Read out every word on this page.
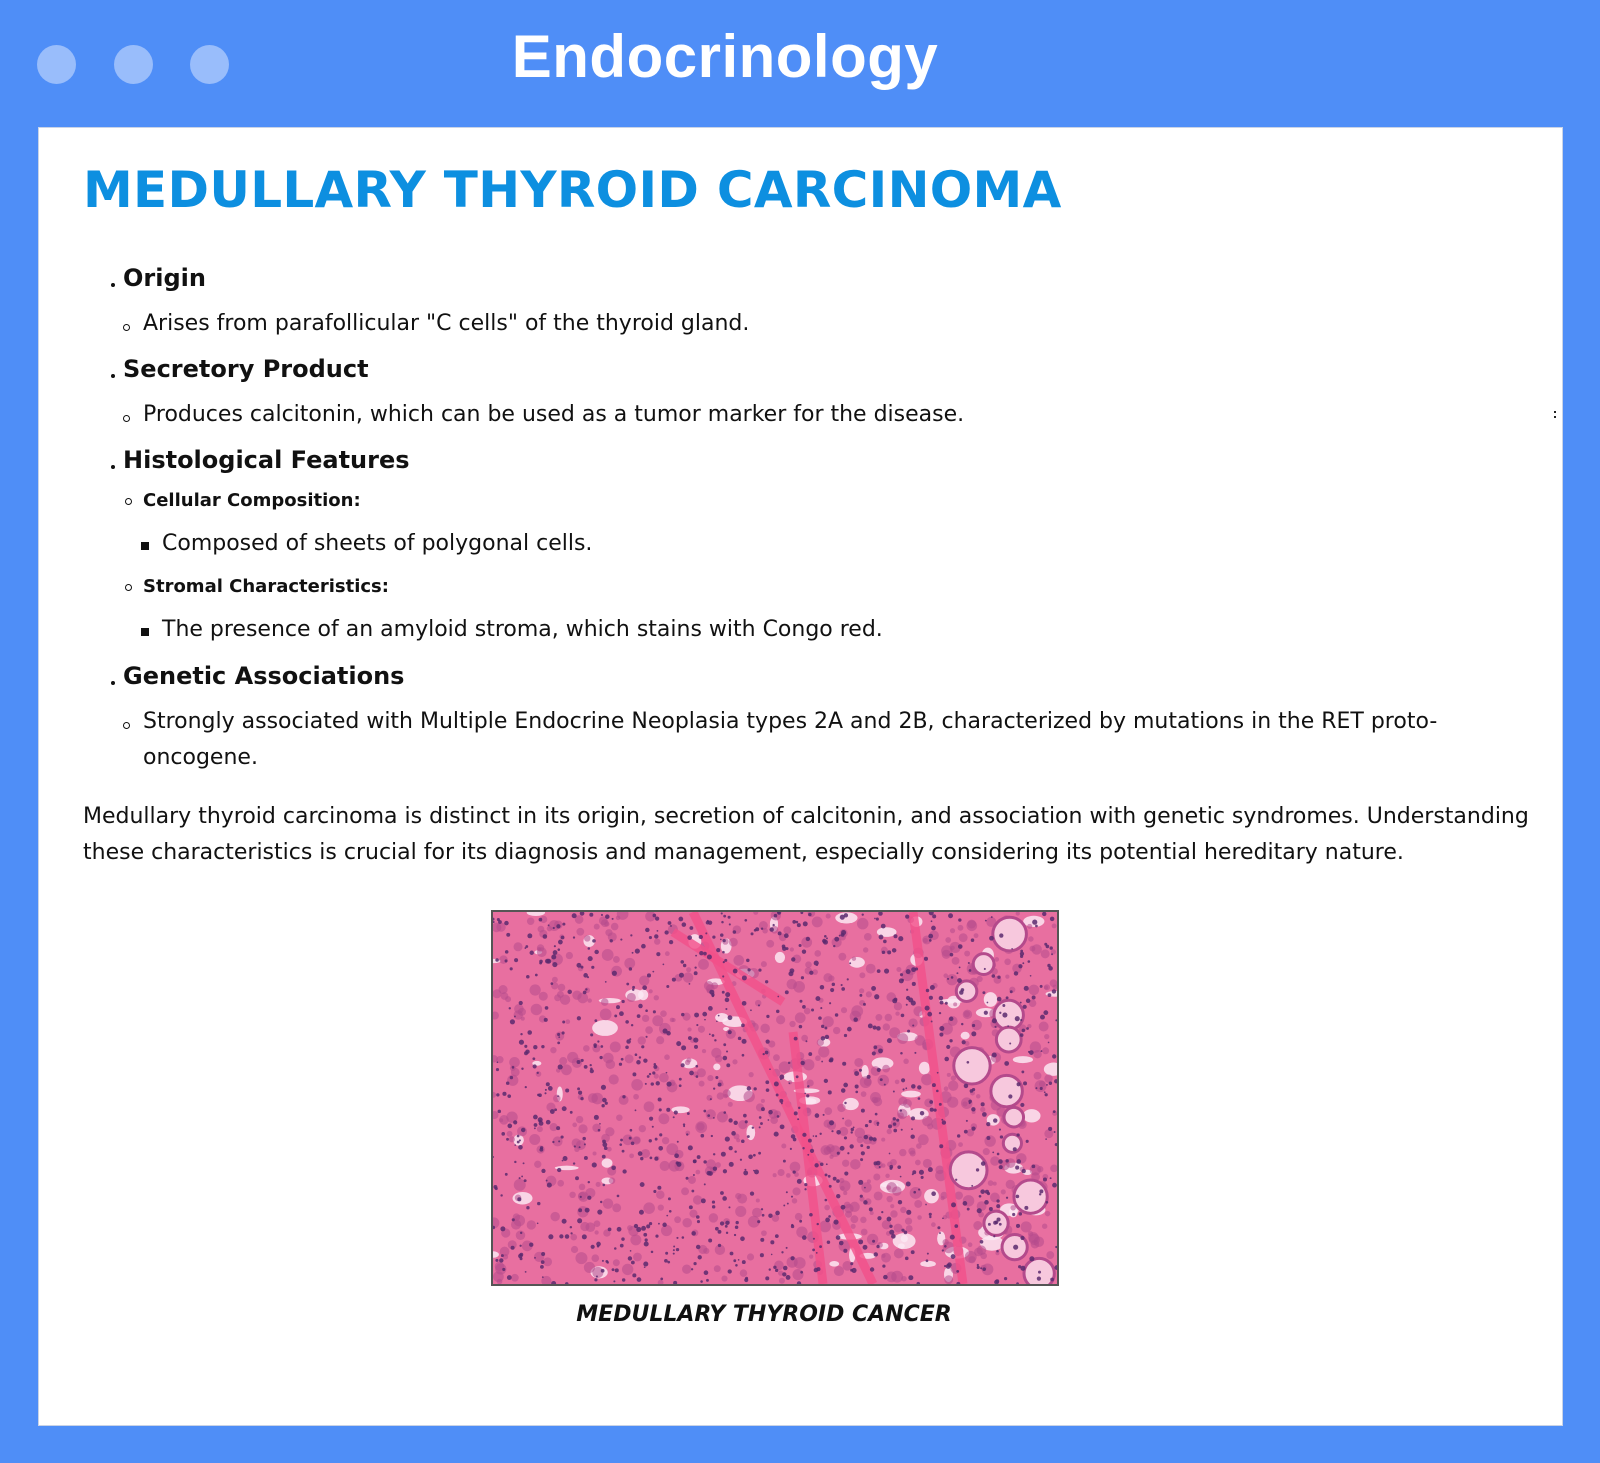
Endocrinology
MEDULLARY THYROID CARCINOMA
Origin
Arises from parafollicular "C cells" of the thyroid gland.
Secretory Product
Produces calcitonin, which can be used as a tumor marker for the disease.
Histological Features
Cellular Composition:
Composed of sheets of polygonal cells.
Stromal Characteristics:
The presence of an amyloid stroma, which stains with Congo red.
Genetic Associations
Strongly associated with Multiple Endocrine Neoplasia types 2A and 2B, characterized by mutations in the RET proto-
oncogene.
Medullary thyroid carcinoma is distinct in its origin, secretion of calcitonin, and association with genetic syndromes. Understanding
these characteristics is crucial for its diagnosis and management, especially considering its potential hereditary nature.
MEDULLARY THYROID CANCER
